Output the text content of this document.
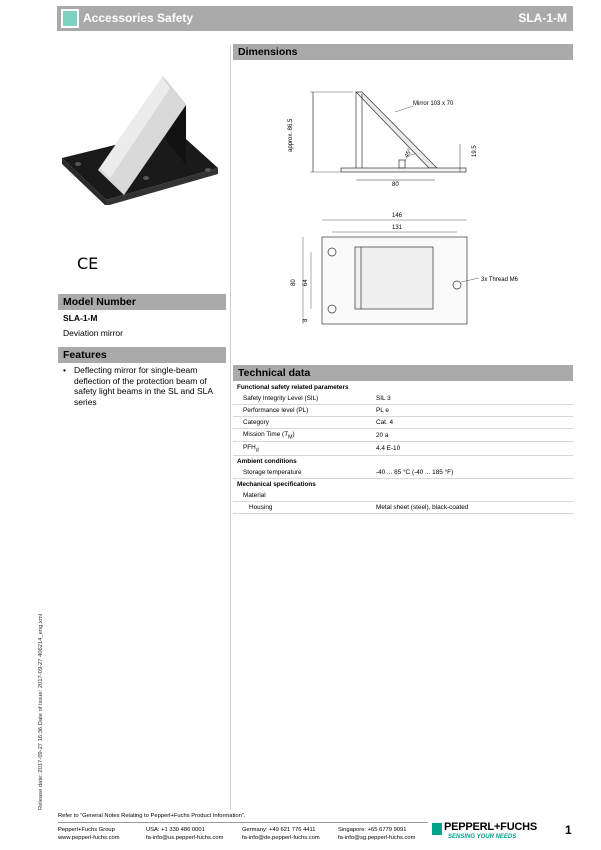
Accessories Safety	SLA-1-M
CE
Model Number
SLA-1-M
Deviation mirror
Features
• Deflecting mirror for single-beam deflection of the protection beam of safety light beams in the SL and SLA series
Dimensions
Mirror 103 x 70
approx. 86.5
45°	19.5
80
146
131
80 64
8
3x Thread M6
Technical data
Functional safety related parameters	
Safety Integrity Level (SIL)	SIL 3
Performance level (PL)	PL e
Category	Cat. 4
Mission Time $(T_M)$	20 a
$PFH_d$	4.4 E-10
Ambient conditions	
Storage temperature	-40 ... 85 °C (-40 ... 185 °F)
Mechanical specifications	
Material	
Housing	Metal sheet (steel), black-coated
Release date: 2017-09-27 16:36 Date of issue: 2017-09-27 406214_eng.xml
Refer to “General Notes Relating to Pepperl+Fuchs Product Information”.
Pepperl+Fuchs Group
www.pepperl-fuchs.com
USA: +1 330 486 0001
fa-info@us.pepperl-fuchs.com
Germany: +49 621 776 4411
fa-info@de.pepperl-fuchs.com
Singapore: +65 6779 9091
fa-info@sg.pepperl-fuchs.com
PEPPERL+FUCHS
SENSING YOUR NEEDS	1
